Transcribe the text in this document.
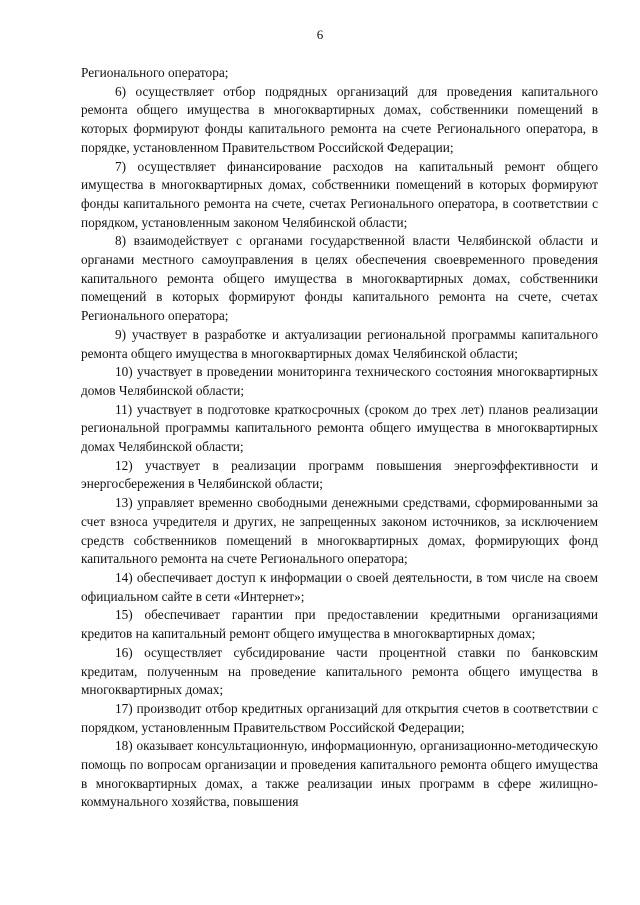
6

Регионального оператора;

6) осуществляет отбор подрядных организаций для проведения капитального ремонта общего имущества в многоквартирных домах, собственники помещений в которых формируют фонды капитального ремонта на счете Регионального оператора, в порядке, установленном Правительством Российской Федерации;

7) осуществляет финансирование расходов на капитальный ремонт общего имущества в многоквартирных домах, собственники помещений в которых формируют фонды капитального ремонта на счете, счетах Регионального оператора, в соответствии с порядком, установленным законом Челябинской области;

8) взаимодействует с органами государственной власти Челябинской области и органами местного самоуправления в целях обеспечения своевременного проведения капитального ремонта общего имущества в многоквартирных домах, собственники помещений в которых формируют фонды капитального ремонта на счете, счетах Регионального оператора;

9) участвует в разработке и актуализации региональной программы капитального ремонта общего имущества в многоквартирных домах Челябинской области;

10) участвует в проведении мониторинга технического состояния многоквартирных домов Челябинской области;

11) участвует в подготовке краткосрочных (сроком до трех лет) планов реализации региональной программы капитального ремонта общего имущества в многоквартирных домах Челябинской области;

12) участвует в реализации программ повышения энергоэффективности и энергосбережения в Челябинской области;

13) управляет временно свободными денежными средствами, сформированными за счет взноса учредителя и других, не запрещенных законом источников, за исключением средств собственников помещений в многоквартирных домах, формирующих фонд капитального ремонта на счете Регионального оператора;

14) обеспечивает доступ к информации о своей деятельности, в том числе на своем официальном сайте в сети «Интернет»;

15) обеспечивает гарантии при предоставлении кредитными организациями кредитов на капитальный ремонт общего имущества в многоквартирных домах;

16) осуществляет субсидирование части процентной ставки по банковским кредитам, полученным на проведение капитального ремонта общего имущества в многоквартирных домах;

17) производит отбор кредитных организаций для открытия счетов в соответствии с порядком, установленным Правительством Российской Федерации;

18) оказывает консультационную, информационную, организационно-методическую помощь по вопросам организации и проведения капитального ремонта общего имущества в многоквартирных домах, а также реализации иных программ в сфере жилищно-коммунального хозяйства, повышения
